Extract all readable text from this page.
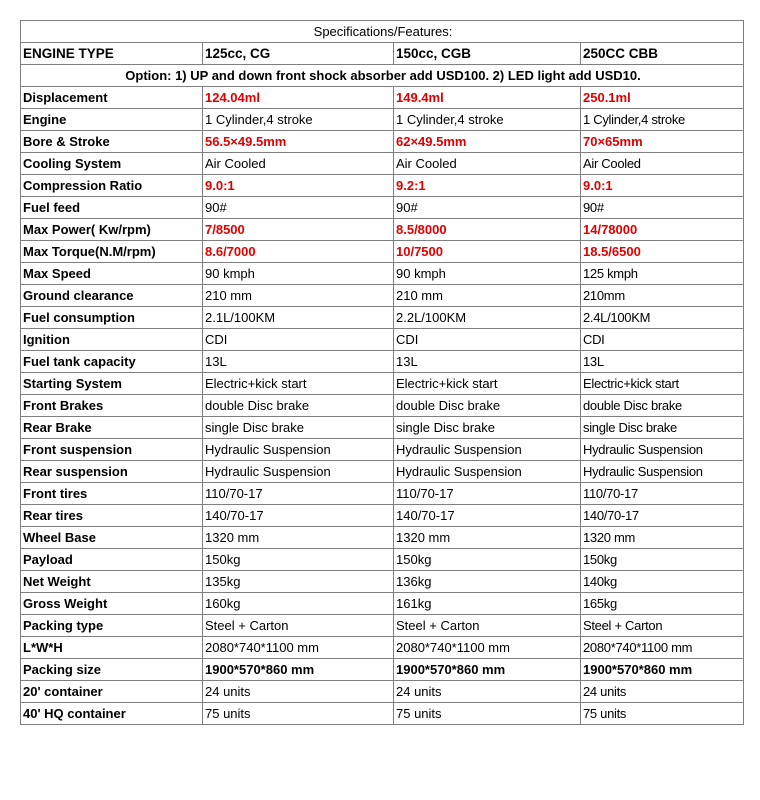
Specifications/Features:			
ENGINE TYPE	125cc, CG	150cc, CGB	250CC CBB
Option: 1) UP and down front shock absorber add USD100. 2) LED light add USD10.			
Displacement	124.04ml	149.4ml	250.1ml
Engine	1 Cylinder,4 stroke	1 Cylinder,4 stroke	1 Cylinder,4 stroke
Bore & Stroke	56.5×49.5mm	62×49.5mm	70×65mm
Cooling System	Air Cooled	Air Cooled	Air Cooled
Compression Ratio	9.0:1	9.2:1	9.0:1
Fuel feed	90#	90#	90#
Max Power( Kw/rpm)	7/8500	8.5/8000	14/78000
Max Torque(N.M/rpm)	8.6/7000	10/7500	18.5/6500
Max Speed	90 kmph	90 kmph	125 kmph
Ground clearance	210 mm	210 mm	210mm
Fuel consumption	2.1L/100KM	2.2L/100KM	2.4L/100KM
Ignition	CDI	CDI	CDI
Fuel tank capacity	13L	13L	13L
Starting System	Electric+kick start	Electric+kick start	Electric+kick start
Front Brakes	double Disc brake	double Disc brake	double Disc brake
Rear Brake	single Disc brake	single Disc brake	single Disc brake
Front suspension	Hydraulic Suspension	Hydraulic Suspension	Hydraulic Suspension
Rear suspension	Hydraulic Suspension	Hydraulic Suspension	Hydraulic Suspension
Front tires	110/70-17	110/70-17	110/70-17
Rear tires	140/70-17	140/70-17	140/70-17
Wheel Base	1320 mm	1320 mm	1320 mm
Payload	150kg	150kg	150kg
Net Weight	135kg	136kg	140kg
Gross Weight	160kg	161kg	165kg
Packing type	Steel + Carton	Steel + Carton	Steel + Carton
L*W*H	2080*740*1100 mm	2080*740*1100 mm	2080*740*1100 mm
Packing size	1900*570*860 mm	1900*570*860 mm	1900*570*860 mm
20' container	24 units	24 units	24 units
40' HQ container	75 units	75 units	75 units
